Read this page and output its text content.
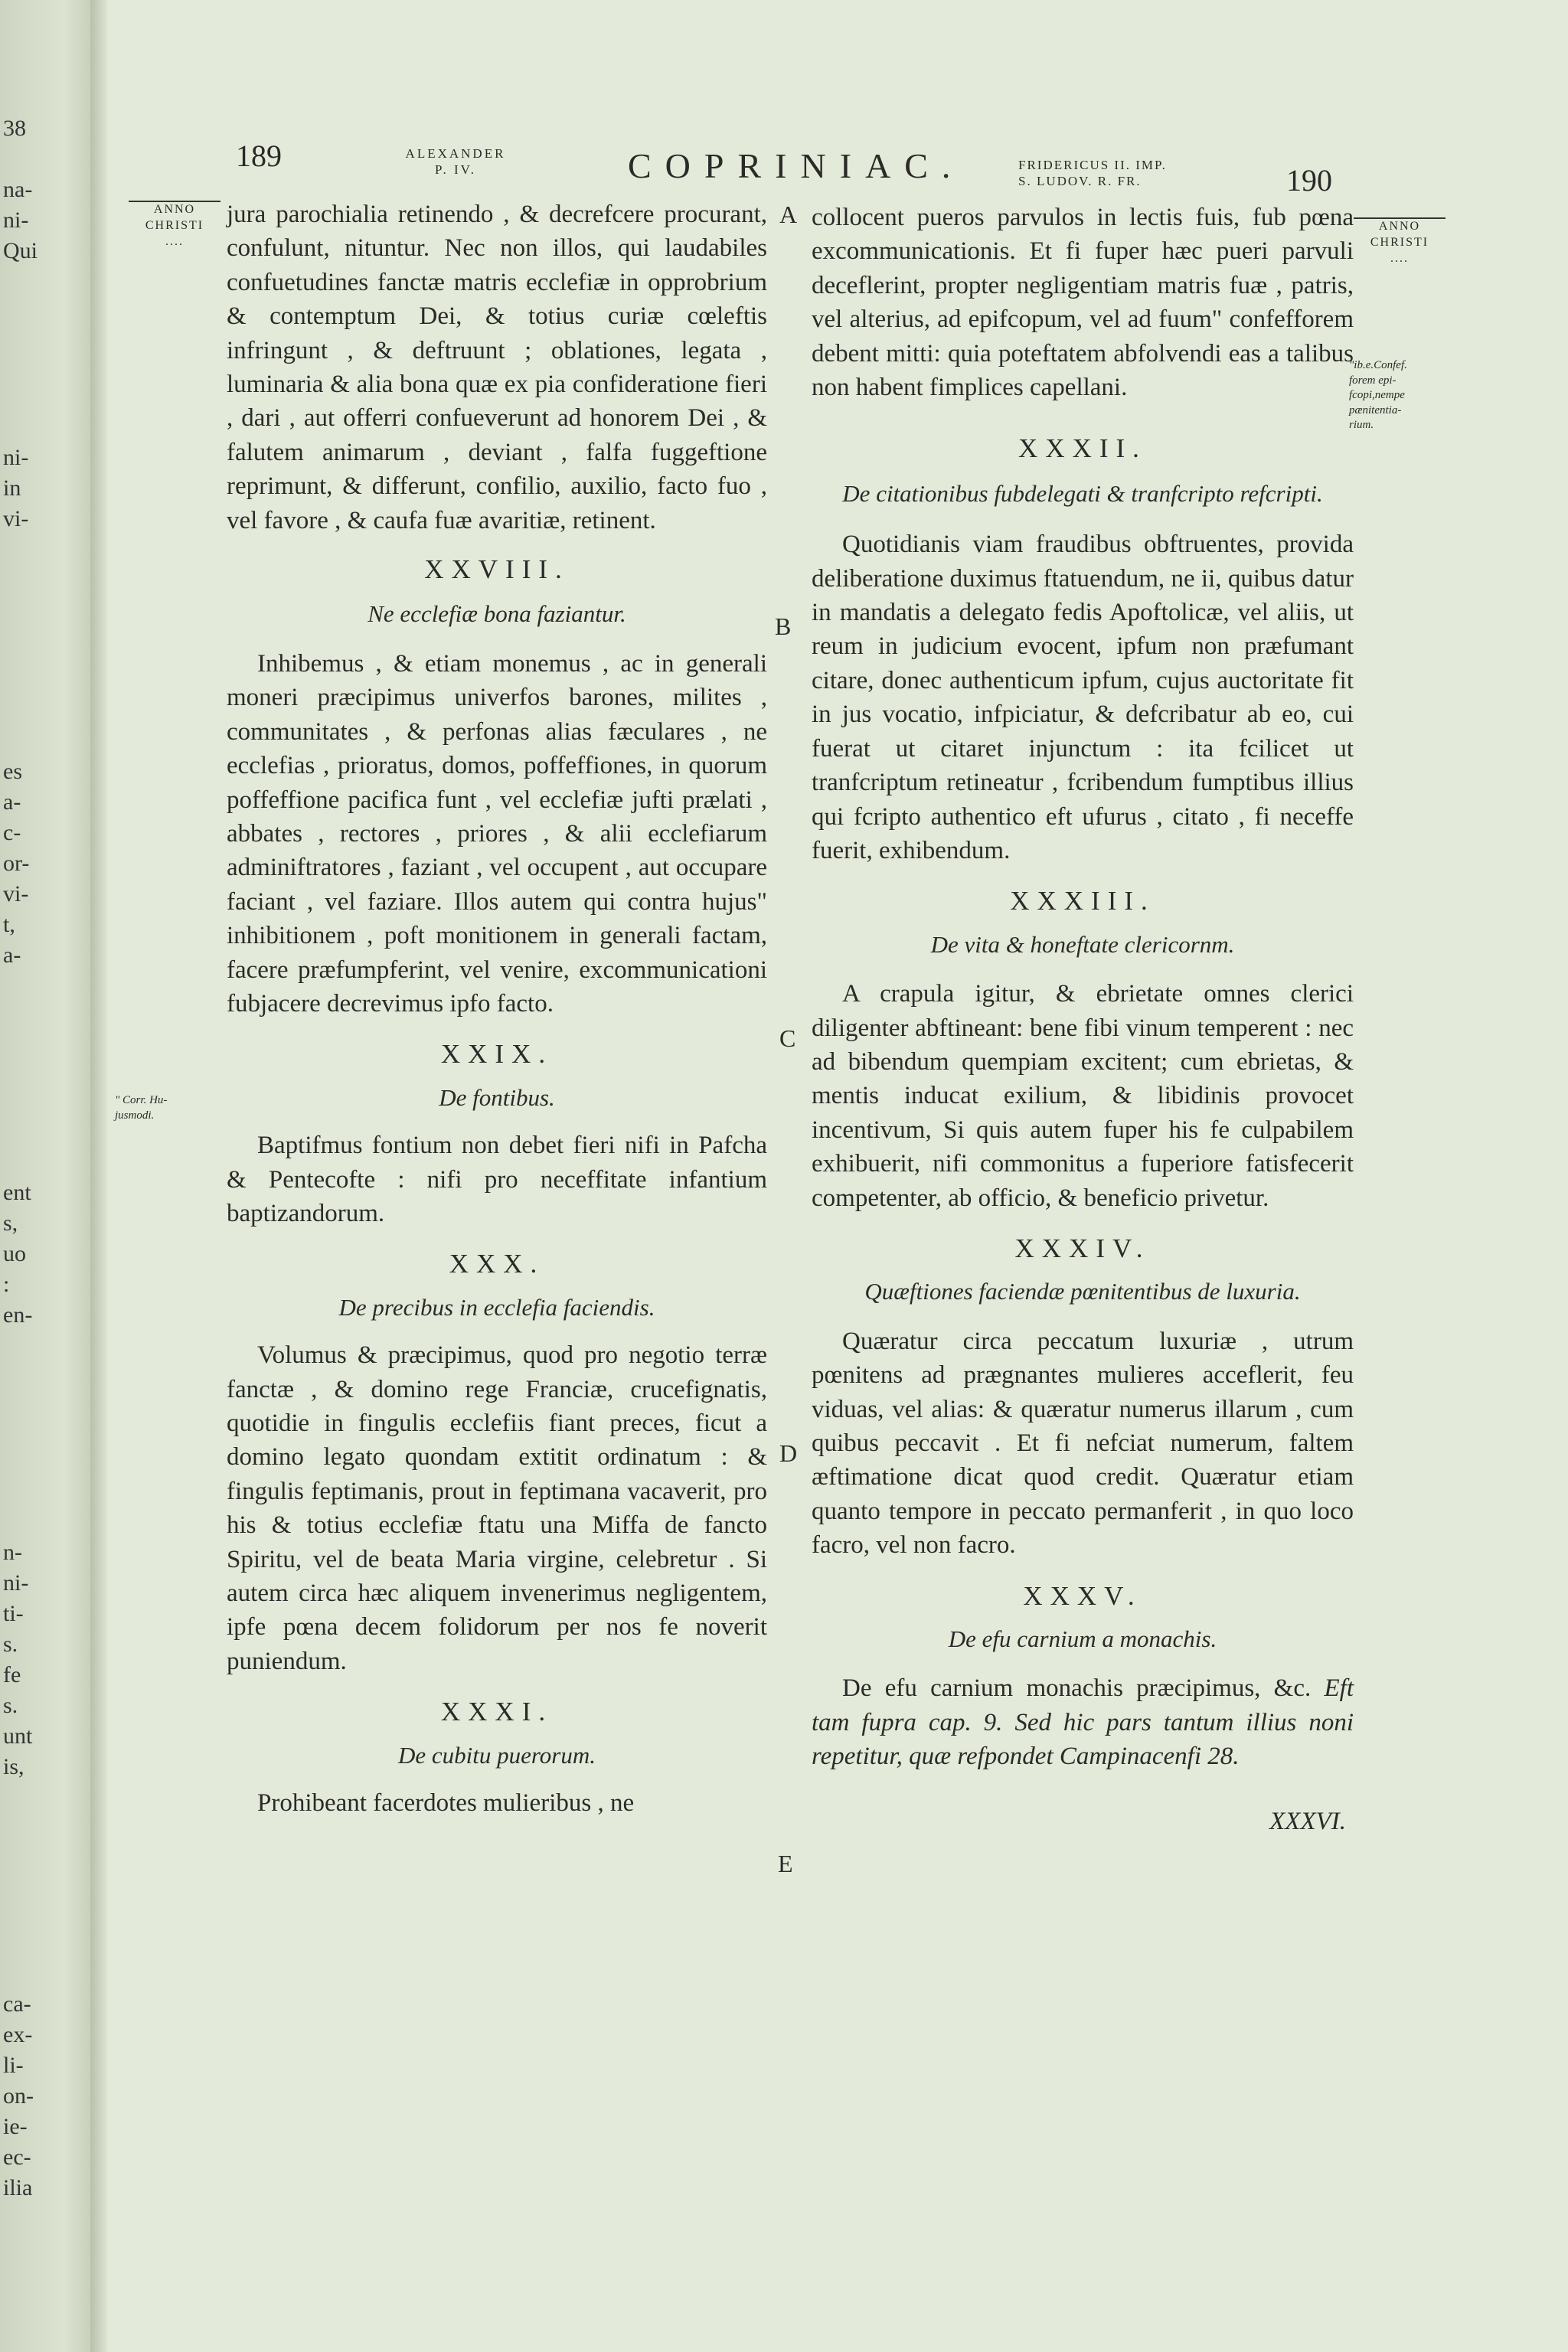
38
na-
ni-
Qui
ni-
in
vi-
es
a-
c-
or-
vi-
t,
a-
ent
s,
uo
:
en-
n-
ni-
ti-
s.
fe
s.
unt
is,
ca-
ex-
li-
on-
ie-
ec-
ilia
189	ALEXANDER
P. IV.	COPRINIAC.	FRIDERICUS II. IMP.
S. LUDOV. R. FR.	190
ANNO
CHRISTI
....
ANNO
CHRISTI
....
" Corr. Hu-
jusmodi.
"ib.e.Confef.
forem epi-
fcopi,nempe
pænitentia-
rium.
A
B
C
D
E

jura parochialia retinendo , & decrefcere procurant, confulunt, nituntur. Nec non illos, qui laudabiles confuetudines fanctæ matris ecclefiæ in opprobrium & contemptum Dei, & totius curiæ cœleftis infringunt , & deftruunt ; oblationes, legata , luminaria & alia bona quæ ex pia confideratione fieri , dari , aut offerri confueverunt ad honorem Dei , & falutem animarum , deviant , falfa fuggeftione reprimunt, & differunt, confilio, auxilio, facto fuo , vel favore , & caufa fuæ avaritiæ, retinent.

XXVIII.

Ne ecclefiæ bona faziantur.

Inhibemus , & etiam monemus , ac in generali moneri præcipimus univerfos barones, milites , communitates , & perfonas alias fæculares , ne ecclefias , prioratus, domos, poffeffiones, in quorum poffeffione pacifica funt , vel ecclefiæ jufti prælati , abbates , rectores , priores , & alii ecclefiarum adminiftratores , faziant , vel occupent , aut occupare faciant , vel faziare. Illos autem qui contra hujus" inhibitionem , poft monitionem in generali factam, facere præfumpferint, vel venire, excommunicationi fubjacere decrevimus ipfo facto.

XXIX.

De fontibus.

Baptifmus fontium non debet fieri nifi in Pafcha & Pentecofte : nifi pro neceffitate infantium baptizandorum.

XXX.

De precibus in ecclefia faciendis.

Volumus & præcipimus, quod pro negotio terræ fanctæ , & domino rege Franciæ, crucefignatis, quotidie in fingulis ecclefiis fiant preces, ficut a domino legato quondam extitit ordinatum : & fingulis feptimanis, prout in feptimana vacaverit, pro his & totius ecclefiæ ftatu una Miffa de fancto Spiritu, vel de beata Maria virgine, celebretur . Si autem circa hæc aliquem invenerimus negligentem, ipfe pœna decem folidorum per nos fe noverit puniendum.

XXXI.

De cubitu puerorum.

Prohibeant facerdotes mulieribus , ne

collocent pueros parvulos in lectis fuis, fub pœna excommunicationis. Et fi fuper hæc pueri parvuli deceflerint, propter negligentiam matris fuæ , patris, vel alterius, ad epifcopum, vel ad fuum" confefforem debent mitti: quia poteftatem abfolvendi eas a talibus non habent fimplices capellani.

XXXII.

De citationibus fubdelegati & tranfcripto refcripti.

Quotidianis viam fraudibus obftruentes, provida deliberatione duximus ftatuendum, ne ii, quibus datur in mandatis a delegato fedis Apoftolicæ, vel aliis, ut reum in judicium evocent, ipfum non præfumant citare, donec authenticum ipfum, cujus auctoritate fit in jus vocatio, infpiciatur, & defcribatur ab eo, cui fuerat ut citaret injunctum : ita fcilicet ut tranfcriptum retineatur , fcribendum fumptibus illius qui fcripto authentico eft ufurus , citato , fi neceffe fuerit, exhibendum.

XXXIII.

De vita & honeftate clericornm.

A crapula igitur, & ebrietate omnes clerici diligenter abftineant: bene fibi vinum temperent : nec ad bibendum quempiam excitent; cum ebrietas, & mentis inducat exilium, & libidinis provocet incentivum, Si quis autem fuper his fe culpabilem exhibuerit, nifi commonitus a fuperiore fatisfecerit competenter, ab officio, & beneficio privetur.

XXXIV.

Quæftiones faciendæ pœnitentibus de luxuria.

Quæratur circa peccatum luxuriæ , utrum pœnitens ad prægnantes mulieres acceflerit, feu viduas, vel alias: & quæratur numerus illarum , cum quibus peccavit . Et fi nefciat numerum, faltem æftimatione dicat quod credit. Quæratur etiam quanto tempore in peccato permanferit , in quo loco facro, vel non facro.

XXXV.

De efu carnium a monachis.

De efu carnium monachis præcipimus, &c. Eft tam fupra cap. 9. Sed hic pars tantum illius noni repetitur, quæ refpondet Campinacenfi 28.

XXXVI.
